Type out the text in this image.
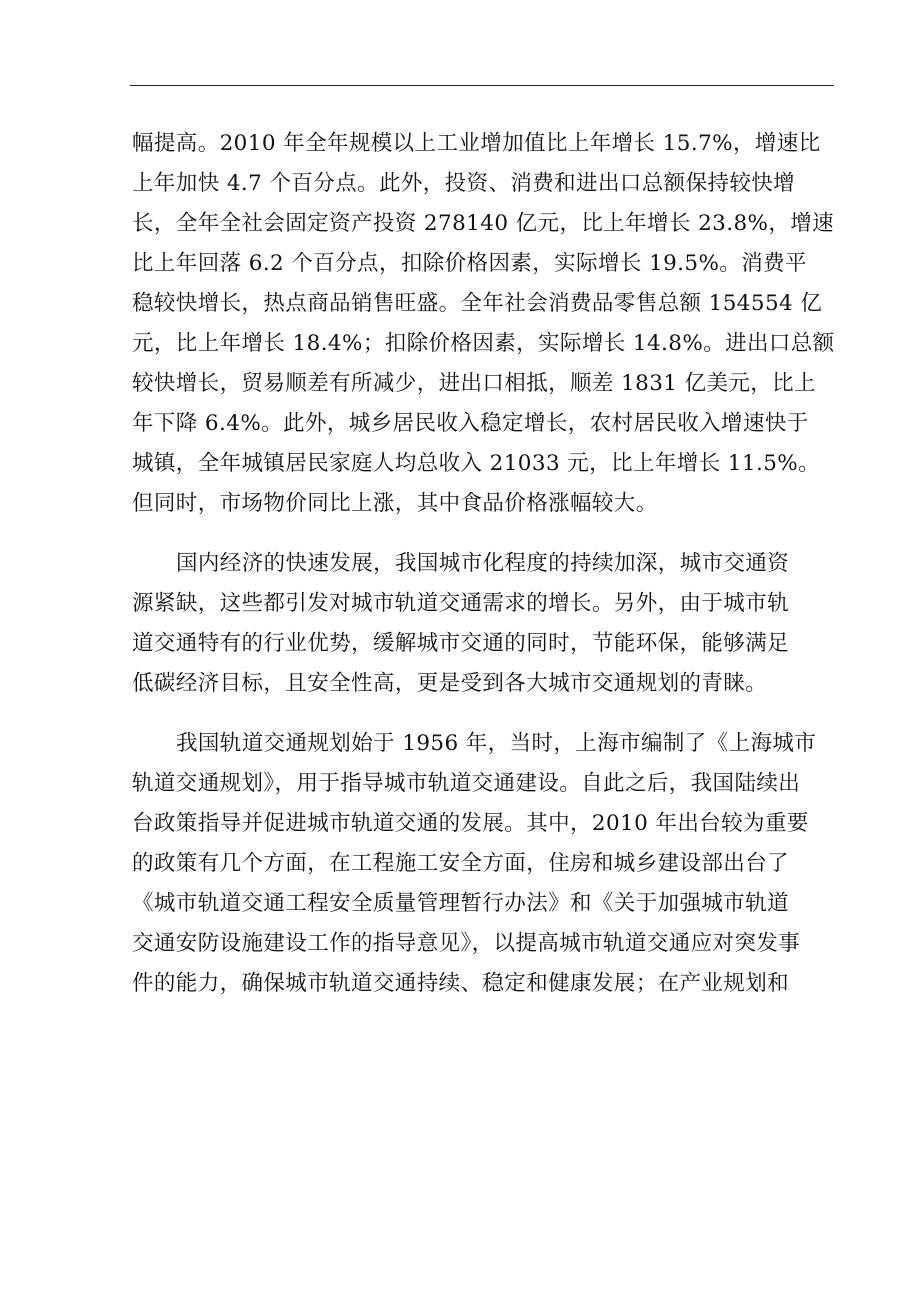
幅提高。2010 年全年规模以上工业增加值比上年增长 15.7%，增速比
上年加快 4.7 个百分点。此外，投资、消费和进出口总额保持较快增
长，全年全社会固定资产投资 278140 亿元，比上年增长 23.8%，增速
比上年回落 6.2 个百分点，扣除价格因素，实际增长 19.5%。消费平
稳较快增长，热点商品销售旺盛。全年社会消费品零售总额 154554 亿
元，比上年增长 18.4%；扣除价格因素，实际增长 14.8%。进出口总额
较快增长，贸易顺差有所减少，进出口相抵，顺差 1831 亿美元，比上
年下降 6.4%。此外，城乡居民收入稳定增长，农村居民收入增速快于
城镇，全年城镇居民家庭人均总收入 21033 元，比上年增长 11.5%。
但同时，市场物价同比上涨，其中食品价格涨幅较大。
国内经济的快速发展，我国城市化程度的持续加深，城市交通资
源紧缺，这些都引发对城市轨道交通需求的增长。另外，由于城市轨
道交通特有的行业优势，缓解城市交通的同时，节能环保，能够满足
低碳经济目标，且安全性高，更是受到各大城市交通规划的青睐。
我国轨道交通规划始于 1956 年，当时，上海市编制了《上海城市
轨道交通规划》，用于指导城市轨道交通建设。自此之后，我国陆续出
台政策指导并促进城市轨道交通的发展。其中，2010 年出台较为重要
的政策有几个方面，在工程施工安全方面，住房和城乡建设部出台了
《城市轨道交通工程安全质量管理暂行办法》和《关于加强城市轨道
交通安防设施建设工作的指导意见》，以提高城市轨道交通应对突发事
件的能力，确保城市轨道交通持续、稳定和健康发展；在产业规划和
